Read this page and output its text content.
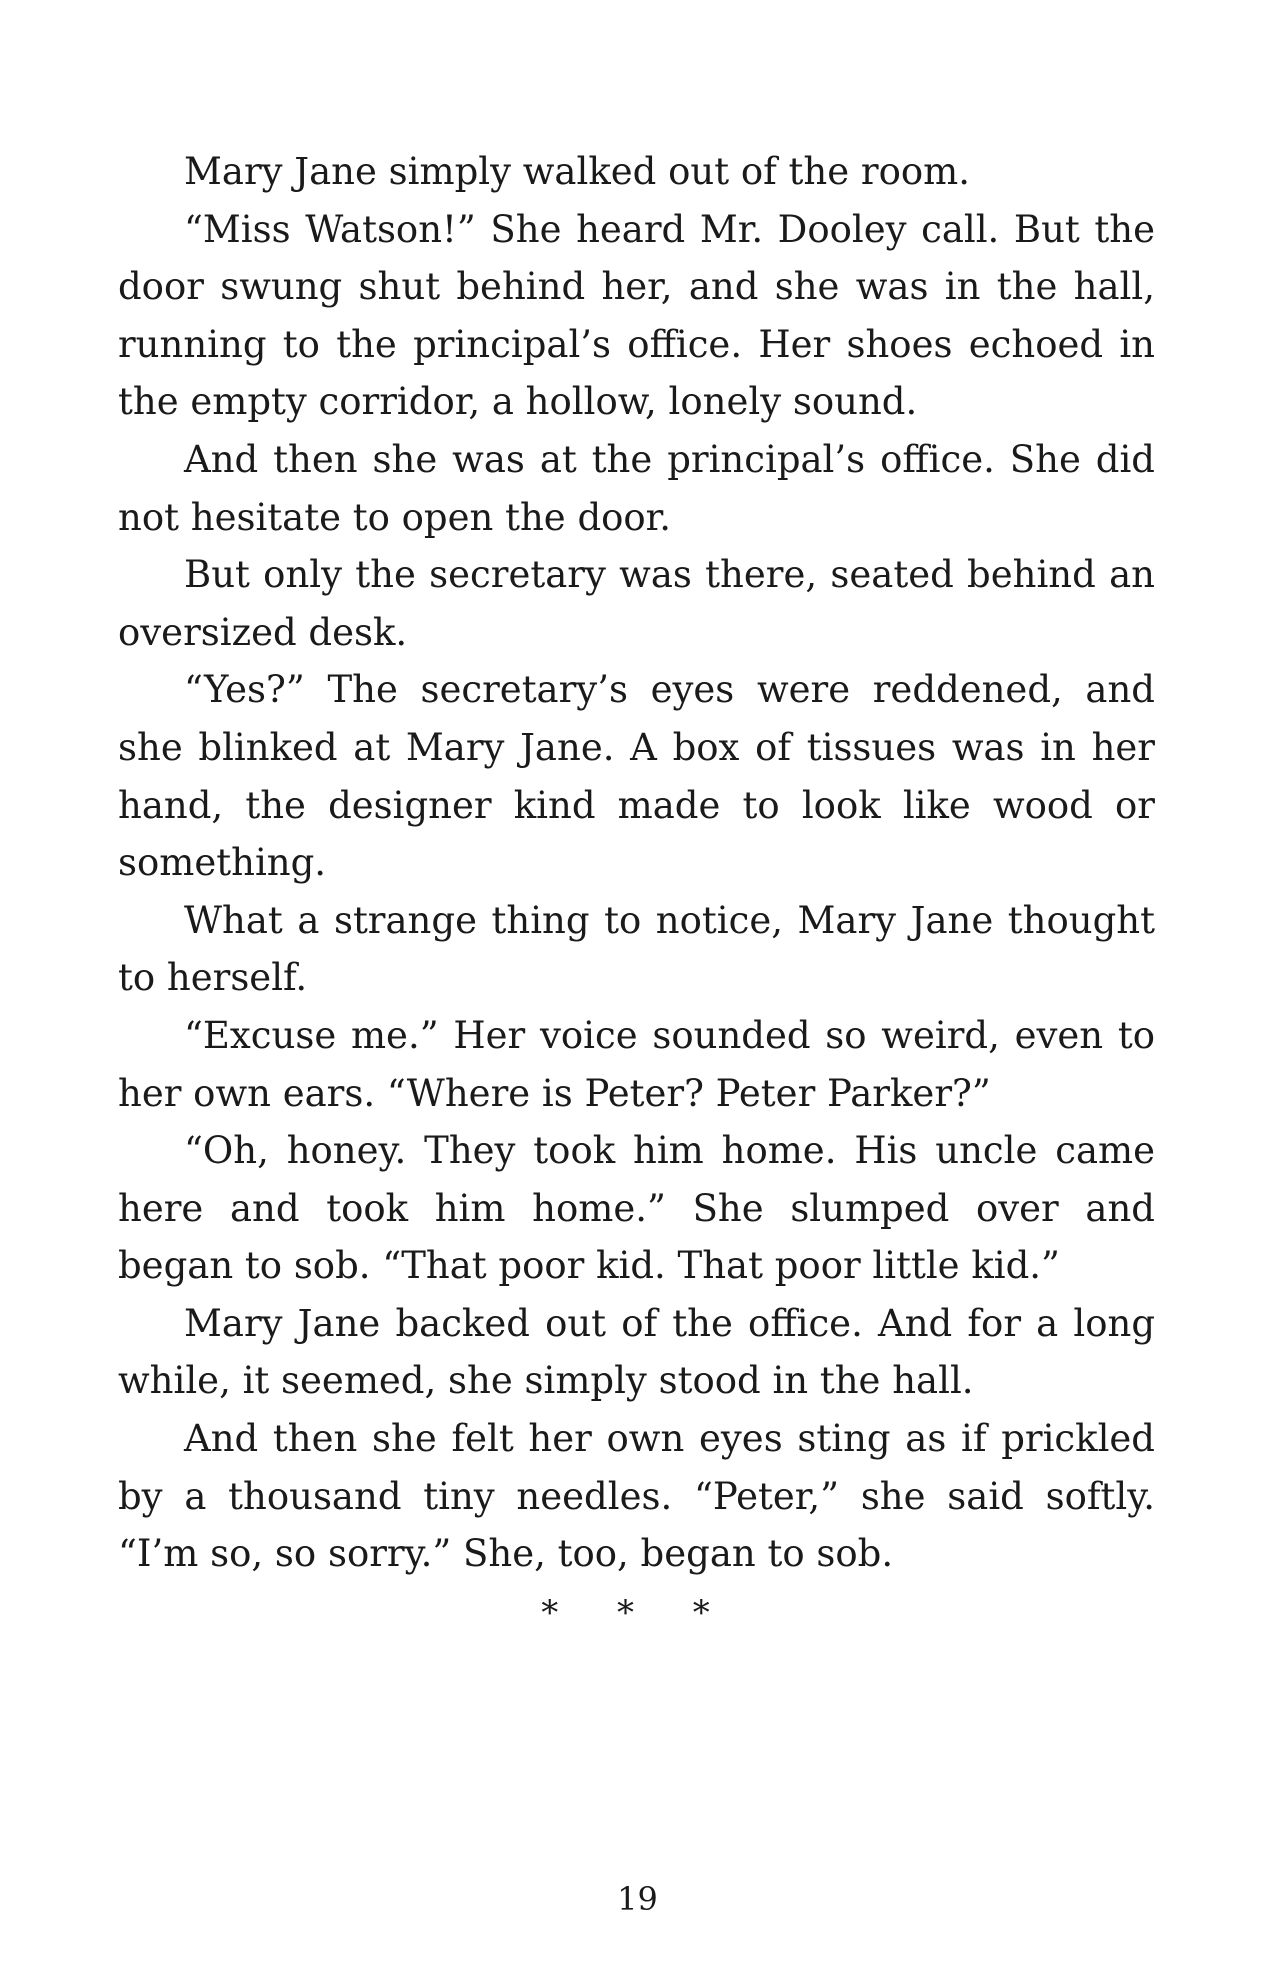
Mary Jane simply walked out of the room.

“Miss Watson!” She heard Mr. Dooley call. But the door swung shut behind her, and she was in the hall, running to the principal’s office. Her shoes echoed in the empty corridor, a hollow, lonely sound.

And then she was at the principal’s office. She did not hesitate to open the door.

But only the secretary was there, seated behind an oversized desk.

“Yes?” The secretary’s eyes were reddened, and she blinked at Mary Jane. A box of tissues was in her hand, the designer kind made to look like wood or something.

What a strange thing to notice, Mary Jane thought to herself.

“Excuse me.” Her voice sounded so weird, even to her own ears. “Where is Peter? Peter Parker?”

“Oh, honey. They took him home. His uncle came here and took him home.” She slumped over and began to sob. “That poor kid. That poor little kid.”

Mary Jane backed out of the office. And for a long while, it seemed, she simply stood in the hall.

And then she felt her own eyes sting as if prickled by a thousand tiny needles. “Peter,” she said softly. “I’m so, so sorry.” She, too, began to sob.

* * *
19
